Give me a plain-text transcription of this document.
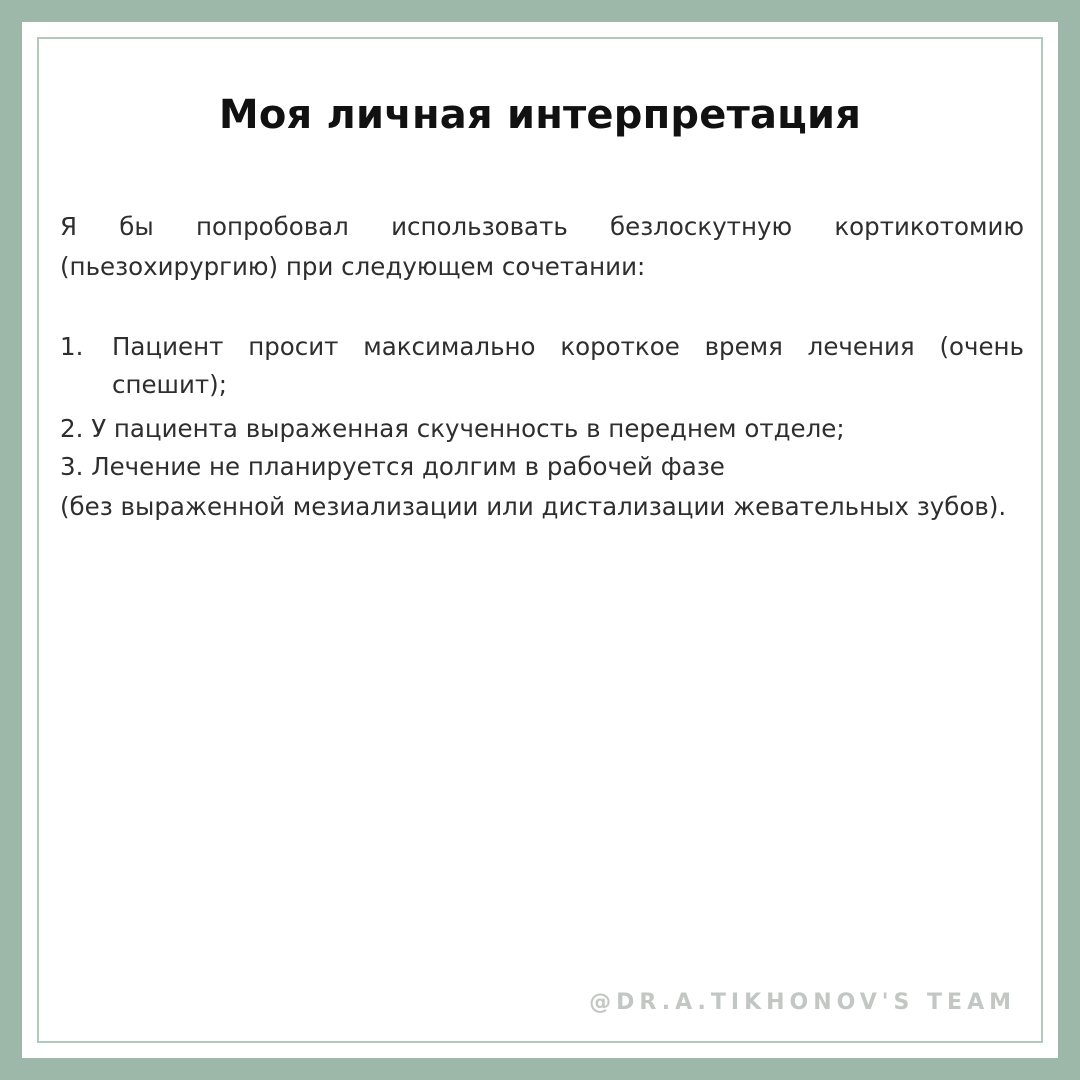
Моя личная интерпретация
Я бы попробовал использовать безлоскутную кортикотомию (пьезохирургию) при следующем сочетании:
1. Пациент просит максимально короткое время лечения (очень спешит);
2. У пациента выраженная скученность в переднем отделе;
3. Лечение не планируется долгим в рабочей фазе
(без выраженной мезиализации или дистализации жевательных зубов).
@DR.A.TIKHONOV'S TEAM
